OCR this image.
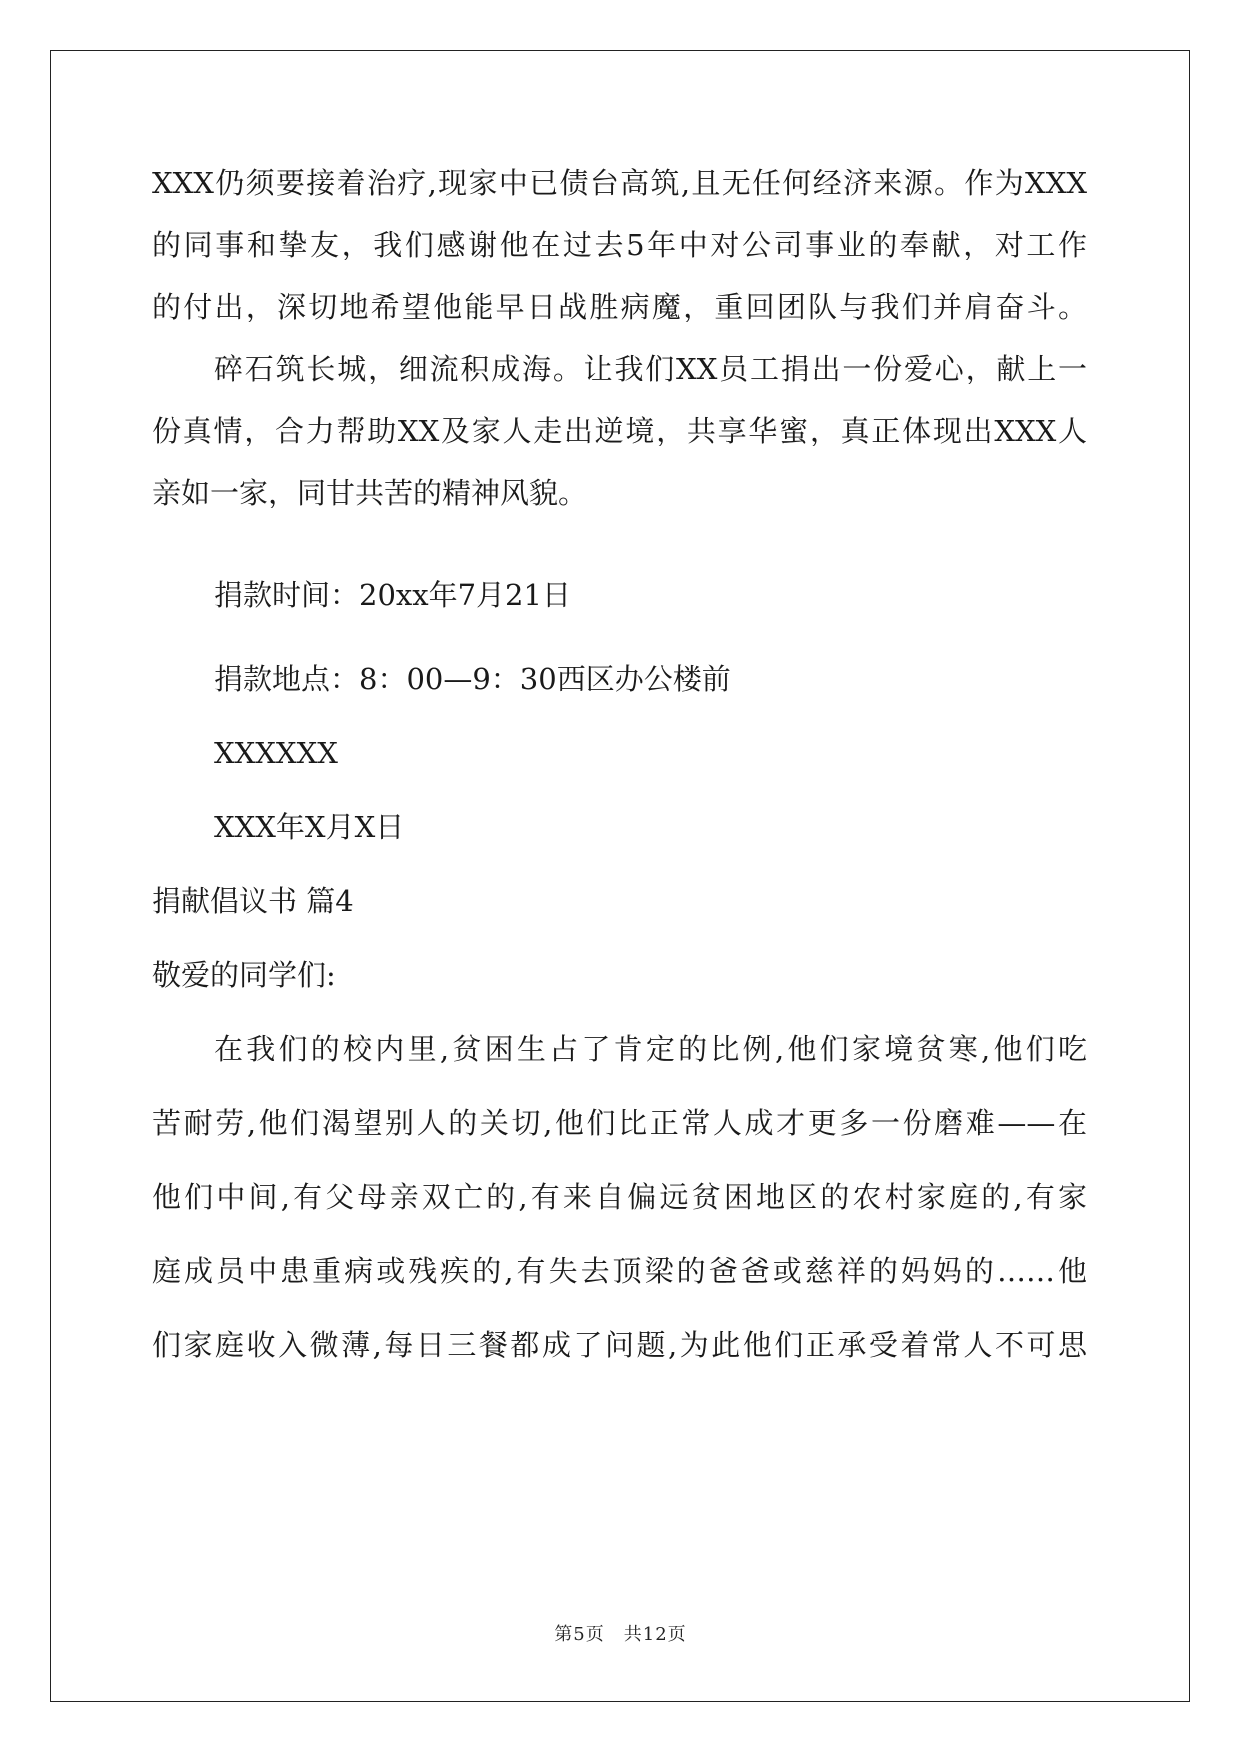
XXX仍须要接着治疗,现家中已债台高筑,且无任何经济来源。作为XXX

的同事和挚友，我们感谢他在过去5年中对公司事业的奉献，对工作

的付出，深切地希望他能早日战胜病魔，重回团队与我们并肩奋斗。

碎石筑长城，细流积成海。让我们XX员工捐出一份爱心，献上一

份真情，合力帮助XX及家人走出逆境，共享华蜜，真正体现出XXX人

亲如一家，同甘共苦的精神风貌。

捐款时间：20xx年7月21日

捐款地点：8：00—9：30西区办公楼前

XXXXXX

XXX年X月X日

捐献倡议书 篇4

敬爱的同学们:

在我们的校内里,贫困生占了肯定的比例,他们家境贫寒,他们吃

苦耐劳,他们渴望别人的关切,他们比正常人成才更多一份磨难——在

他们中间,有父母亲双亡的,有来自偏远贫困地区的农村家庭的,有家

庭成员中患重病或残疾的,有失去顶梁的爸爸或慈祥的妈妈的……他

们家庭收入微薄,每日三餐都成了问题,为此他们正承受着常人不可思

第5页　共12页
